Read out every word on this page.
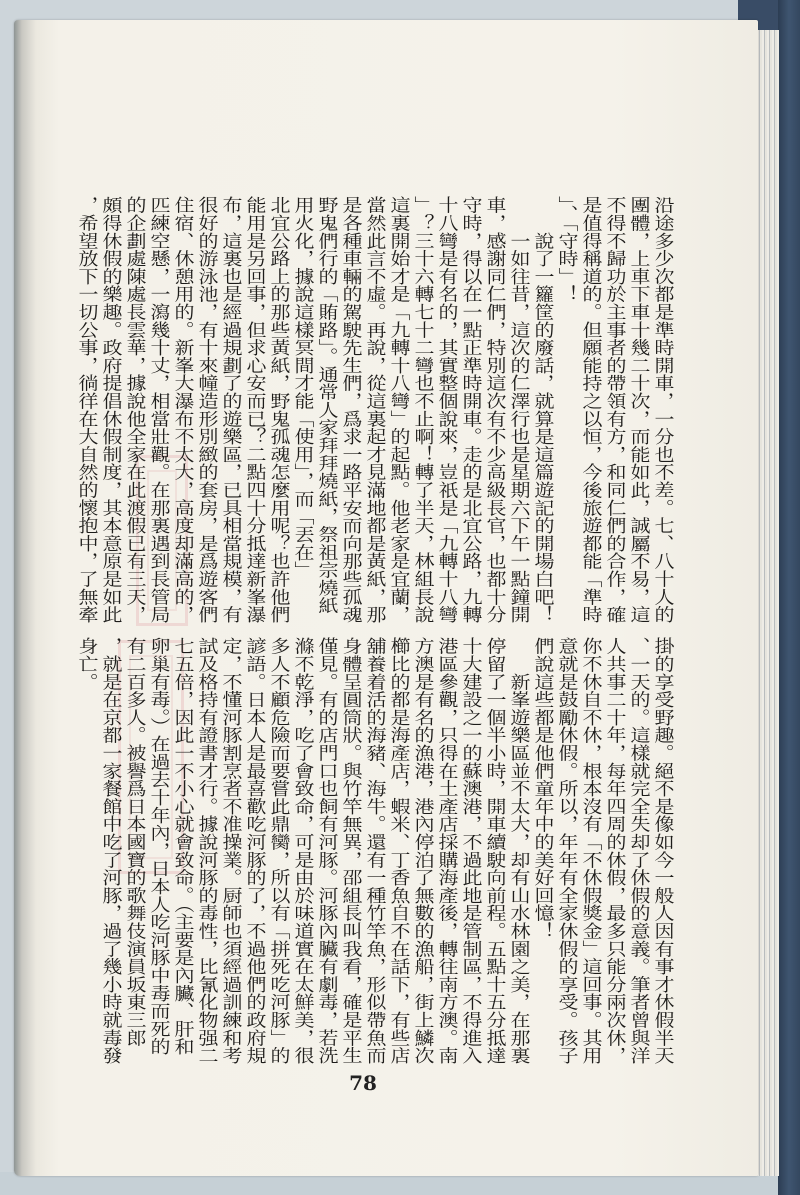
沿途多少次都是準時開車，一分也不差。七、八十人的
團體，上車下車十幾二十次，而能如此，誠屬不易，這
不得不歸功於主事者的帶領有方，和同仁們的合作，確
是值得稱道的。但願能持之以恒，今後旅遊都能「準時
」、「守時」！
說了一籮筐的廢話，就算是這篇遊記的開場白吧！
一如往昔，這次的仁澤行也是星期六下午一點鐘開
車，感謝同仁們，特別這次有不少高級長官，也都十分
守時，得以在一點正準時開車。走的是北宜公路，九轉
十八彎是有名的，其實整個說來，豈祇是「九轉十八彎
」？三十六轉七十二彎也不止啊！轉了半天，林組長說
這裏開始才是「九轉十八彎」的起點。他老家是宜蘭，
當然此言不虛。再說，從這裏起才見滿地都是黃紙，那
是各種車輛的駕駛先生們，爲求一路平安而向那些孤魂
野鬼們行的「賄路」。通常人家拜拜燒紙，祭祖宗燒紙
用火化，據說這樣冥間才能「使用」，而「丟在」
北宜公路上的那些黃紙，野鬼孤魂怎麼用呢？也許他們
能用是另回事，但求心安而已？二點四十分抵達新峯瀑
布，這裏也是經過規劃了的遊樂區，已具相當規模，有
很好的游泳池，有十來幢造形別緻的套房，是爲遊客們
住宿、休憩用的。新峯大瀑布不太大，高度却滿高的，
匹練空懸，一瀉幾十丈，相當壯觀。在那裏遇到長管局
的企劃處陳處長雲華，據說他全家在此渡假已有三天，
頗得休假的樂趣。政府提倡休假制度，其本意原是如此
，希望放下一切公事，徜徉在大自然的懷抱中，了無牽
掛的享受野趣。絕不是像如今一般人因有事才休假半天
、一天的。這樣就完全失却了休假的意義。筆者曾與洋
人共事二十年，每年四周的休假，最多只能分兩次休，
你不休自不休，根本沒有「不休假獎金」這回事。其用
意就是鼓勵休假。所以，年年有全家休假的享受。孩子
們說這些都是他們童年中的美好回憶！
新峯遊樂區並不太大，却有山水林園之美，在那裏
停留了一個半小時，開車續駛向前程。五點十五分抵達
十大建設之一的蘇澳港，不過此地是管制區，不得進入
港區參觀，只得在土產店採購海產後，轉往南方澳。南
方澳是有名的漁港，港內停泊了無數的漁船，街上鱗次
櫛比的都是海產店，蝦米、丁香魚自不在話下，有些店
舖養着活的海豬、海牛。還有一種竹竿魚，形似帶魚而
身體呈圓筒狀。與竹竿無異，邵組長叫我看，確是平生
僅見。有的店門口也飼有河豚。河豚內臟有劇毒，若洗
滌不乾淨，吃了會致命，可是由於味道實在太鮮美，很
多人不顧危險而要嘗此鼎臠，所以有「拼死吃河豚」的
諺語。日本人是最喜歡吃河豚的了，不過他們的政府規
定，不懂河豚割烹者不准操業。厨師也須經過訓練和考
試及格持有證書才行。據說河豚的毒性，比氰化物强二
七五倍，因此一不小心就會致命。（主要是內臟、肝和
卵巢有毒。）在過去十年內，日本人吃河豚中毒而死的
有二百多人。被譽爲日本國寶的歌舞伎演員坂東三郎
，就是在京都一家餐館中吃了河豚，過了幾小時就毒發
身亡。
78
